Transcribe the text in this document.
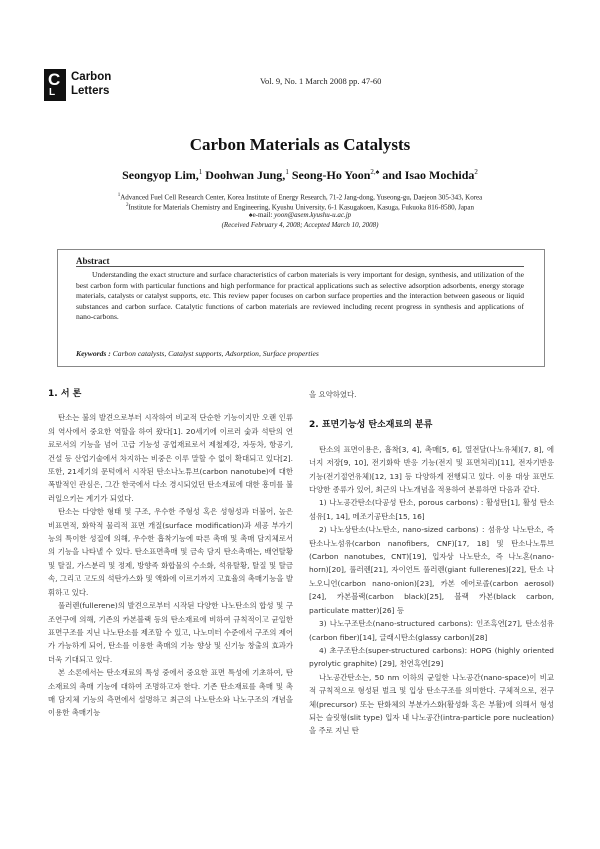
C
L
Carbon
Letters
Vol. 9, No. 1 March 2008 pp. 47-60
Carbon Materials as Catalysts
Seongyop Lim,$^1$ Doohwan Jung,$^1$ Seong-Ho Yoon$^{2,♠}$ and Isao Mochida$^2$
$^1$Advanced Fuel Cell Research Center, Korea Institute of Energy Research, 71-2 Jang-dong, Yuseong-gu, Daejeon 305-343, Korea
$^2$Institute for Materials Chemistry and Engineering, Kyushu University, 6-1 Kasugakoen, Kasuga, Fukuoka 816-8580, Japan
♠e-mail: yoon@asem.kyushu-u.ac.jp
(Received February 4, 2008; Accepted March 10, 2008)
Abstract

Understanding the exact structure and surface characteristics of carbon materials is very important for design, synthesis, and utilization of the best carbon form with particular functions and high performance for practical applications such as selective adsorption adsorbents, energy storage materials, catalysts or catalyst supports, etc. This review paper focuses on carbon surface properties and the interaction between gaseous or liquid substances and carbon surface. Catalytic functions of carbon materials are reviewed including recent progress in synthesis and applications of nano-carbons.

Keywords : Carbon catalysts, Catalyst supports, Adsorption, Surface properties
1. 서 론

탄소는 불의 발견으로부터 시작하여 비교적 단순한 기능이지만 오랜 인류의 역사에서 중요한 역할을 하여 왔다[1]. 20세기에 이르러 숯과 석탄의 연료로서의 기능을 넘어 고급 기능성 공업재료로서 제철제강, 자동차, 항공기, 건설 등 산업기술에서 차지하는 비중은 이루 말할 수 없이 확대되고 있다[2]. 또한, 21세기의 문턱에서 시작된 탄소나노튜브(carbon nanotube)에 대한 폭발적인 관심은, 그간 한국에서 다소 경시되었던 탄소재료에 대한 흥미를 불러일으키는 계기가 되었다.

탄소는 다양한 형태 및 구조, 우수한 주형성 혹은 성형성과 더불어, 높은 비표면적, 화학적 물리적 표면 개질(surface modification)과 세공 부가기능의 특이한 성질에 의해, 우수한 흡착기능에 따른 촉매 및 촉매 담지체로서의 기능을 나타낼 수 있다. 탄소표면촉매 및 금속 담지 탄소촉매는, 배연탈황 및 탈질, 가스분리 및 정제, 방향족 화합물의 수소화, 석유탈황, 탈질 및 탈금속, 그리고 고도의 석탄가스화 및 액화에 이르기까지 고효율의 촉매기능을 발휘하고 있다.

풀러렌(fullerene)의 발견으로부터 시작된 다양한 나노탄소의 합성 및 구조연구에 의해, 기존의 카본블랙 등의 탄소재료에 비하여 규칙적이고 균일한 표면구조를 지닌 나노탄소를 제조할 수 있고, 나노미터 수준에서 구조의 제어가 가능하게 되어, 탄소를 이용한 촉매의 기능 향상 및 신기능 창출의 효과가 더욱 기대되고 있다.

본 소론에서는 탄소재료의 특성 중에서 중요한 표면 특성에 기초하여, 탄소재료의 촉매 기능에 대하여 조명하고자 한다. 기존 탄소재료를 촉매 및 촉매 담지체 기능의 측면에서 설명하고 최근의 나노탄소와 나노구조의 개념을 이용한 촉매기능

을 요약하였다.

2. 표면기능성 탄소재료의 분류

탄소의 표면이용은, 흡착[3, 4], 촉매[5, 6], 열전달(나노유체)[7, 8], 에너지 저장[9, 10], 전기화학 반응 기능(전지 및 표면처리)[11], 전자기반응기능(전기절연유체)[12, 13] 등 다양하게 전행되고 있다. 이용 대상 표면도 다양한 종류가 있어, 최근의 나노개념을 적용하여 분류하면 다음과 같다.

1) 나노공간탄소(다공성 탄소, porous carbons) : 활성탄[1], 활성 탄소섬유[1, 14], 메조기공탄소[15, 16]

2) 나노상탄소(나노탄소, nano-sized carbons) : 섬유상 나노탄소, 즉 탄소나노섬유(carbon nanofibers, CNF)[17, 18] 및 탄소나노튜브(Carbon nanotubes, CNT)[19], 입자상 나노탄소, 즉 나노혼(nano-horn)[20], 풀러렌[21], 자이언트 풀러렌(giant fullerenes)[22], 탄소 나노오니언(carbon nano-onion)[23], 카본 에어로졸(carbon aerosol)[24], 카본블랙(carbon black)[25], 블랙 카본(black carbon, particulate matter)[26] 등

3) 나노구조탄소(nano-structured carbons): 인조흑연[27], 탄소섬유(carbon fiber)[14], 글래시탄소(glassy carbon)[28]

4) 초구조탄소(super-structured carbons): HOPG (highly oriented pyrolytic graphite) [29], 천연흑연[29]

나노공간탄소는, 50 nm 이하의 균일한 나노공간(nano-space)이 비교적 규칙적으로 형성된 벌크 및 입상 탄소구조를 의미한다. 구체적으로, 전구체(precursor) 또는 탄화체의 부분가스화(활성화 혹은 부활)에 의해서 형성되는 슬릿형(slit type) 입자 내 나노공간(intra-particle pore nucleation)을 주로 지닌 탄
